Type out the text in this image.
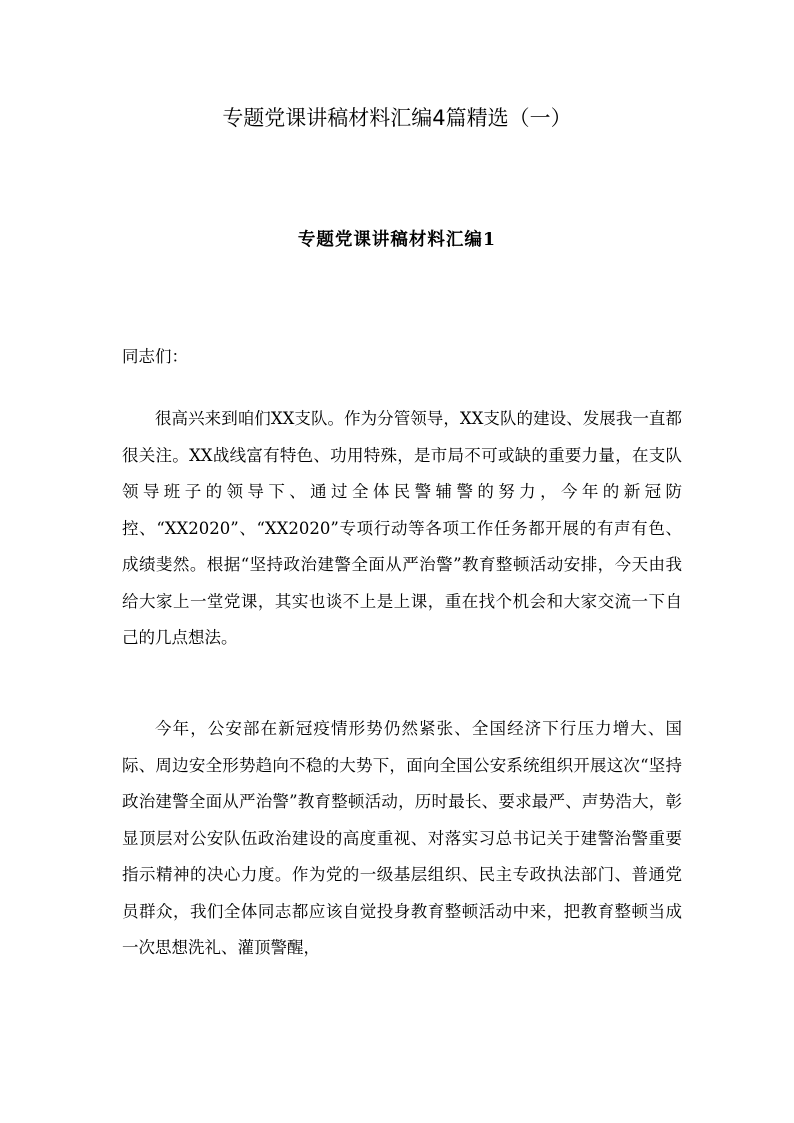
专题党课讲稿材料汇编4篇精选（一）
专题党课讲稿材料汇编1

同志们：

很高兴来到咱们XX支队。作为分管领导，XX支队的建设、发展我一直都很关注。XX战线富有特色、功用特殊，是市局不可或缺的重要力量，在支队领导班子的领导下、通过全体民警辅警的努力，今年的新冠防控、“XX2020”、“XX2020”专项行动等各项工作任务都开展的有声有色、成绩斐然。根据“坚持政治建警全面从严治警”教育整顿活动安排，今天由我给大家上一堂党课，其实也谈不上是上课，重在找个机会和大家交流一下自己的几点想法。

今年，公安部在新冠疫情形势仍然紧张、全国经济下行压力增大、国际、周边安全形势趋向不稳的大势下，面向全国公安系统组织开展这次“坚持政治建警全面从严治警”教育整顿活动，历时最长、要求最严、声势浩大，彰显顶层对公安队伍政治建设的高度重视、对落实习总书记关于建警治警重要指示精神的决心力度。作为党的一级基层组织、民主专政执法部门、普通党员群众，我们全体同志都应该自觉投身教育整顿活动中来，把教育整顿当成一次思想洗礼、灌顶警醒，
